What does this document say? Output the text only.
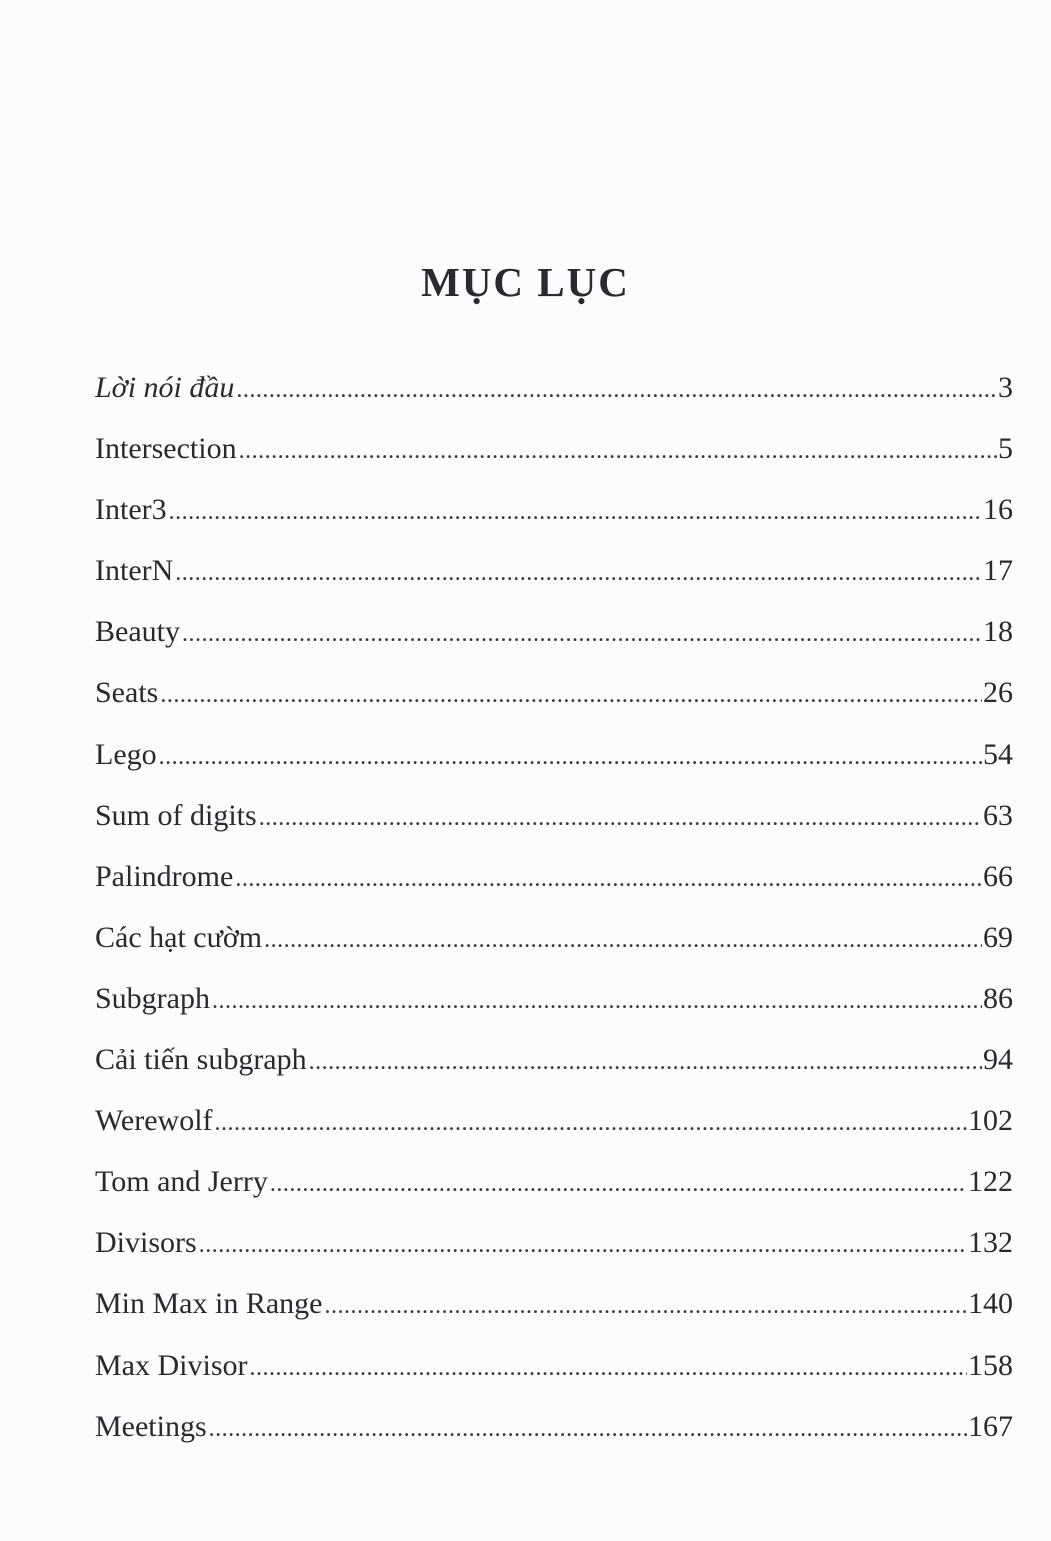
MỤC LỤC
Lời nói đầu .....	3
Intersection .....	5
Inter3 .....	16
InterN .....	17
Beauty .....	18
Seats .....	26
Lego .....	54
Sum of digits .....	63
Palindrome .....	66
Các hạt cườm .....	69
Subgraph .....	86
Cải tiến subgraph .....	94
Werewolf .....	102
Tom and Jerry .....	122
Divisors .....	132
Min Max in Range .....	140
Max Divisor .....	158
Meetings .....	167
